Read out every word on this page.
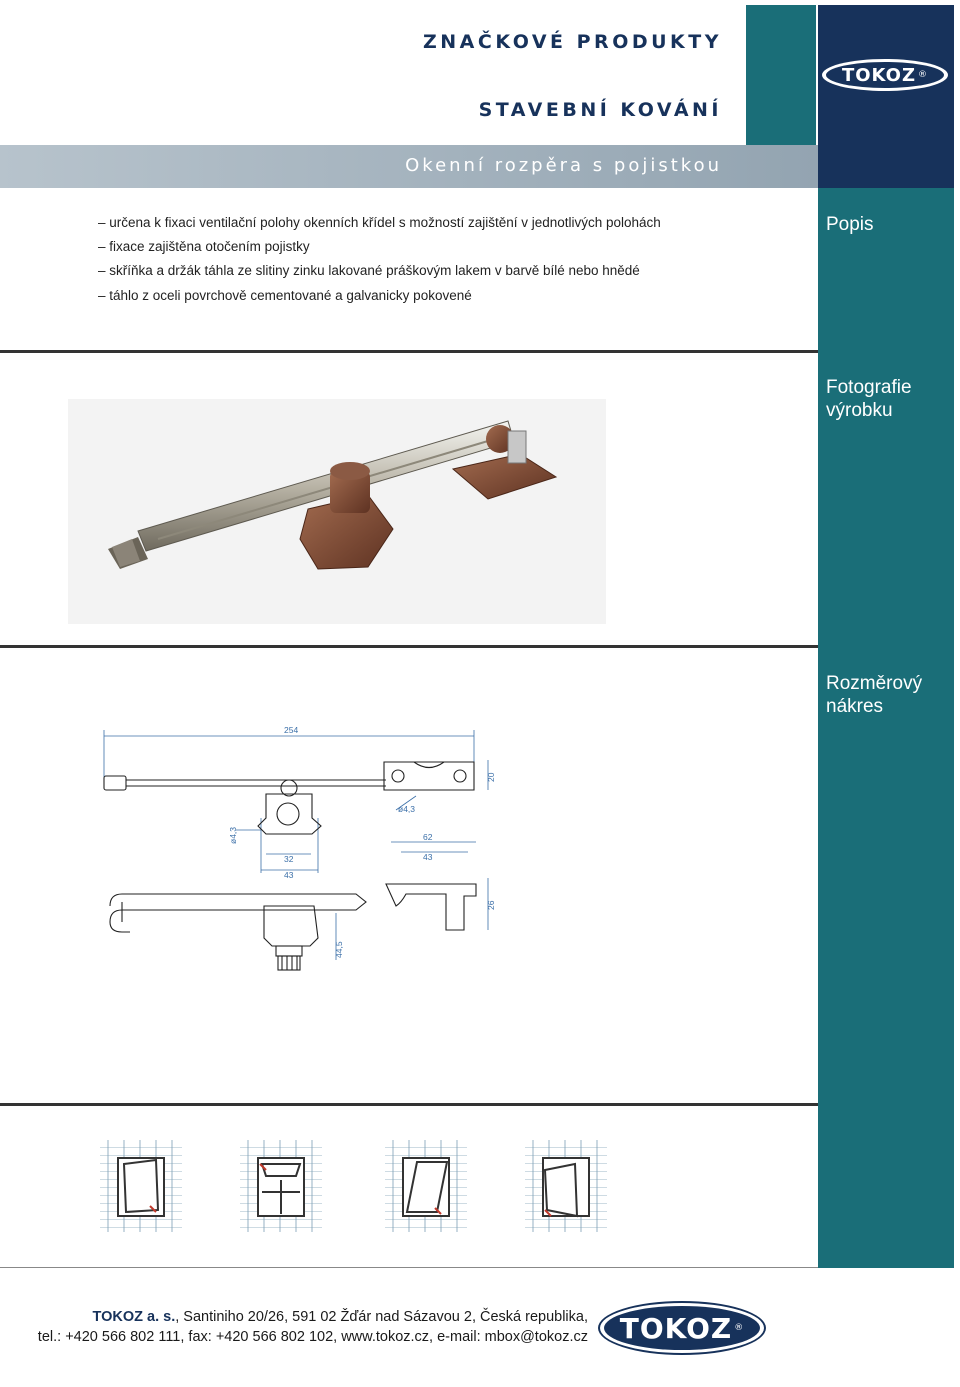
ZNAČKOVÉ PRODUKTY
STAVEBNÍ KOVÁNÍ
TOKOZ ®
Okenní rozpěra s pojistkou
Popis
Fotografie výrobku
Rozměrový nákres
– určena k fixaci ventilační polohy okenních křídel s možností zajištění v jednotlivých polohách
– fixace zajištěna otočením pojistky
– skříňka a držák táhla ze slitiny zinku lakované práškovým lakem v barvě bílé nebo hnědé
– táhlo z oceli povrchově cementované a galvanicky pokovené
254
20
ø4,3
ø4,3
32
43
62
43
26
44,5
TOKOZ a. s., Santiniho 20/26, 591 02 Žďár nad Sázavou 2, Česká republika,
tel.: +420 566 802 111, fax: +420 566 802 102, www.tokoz.cz, e-mail: mbox@tokoz.cz TOKOZ ®
